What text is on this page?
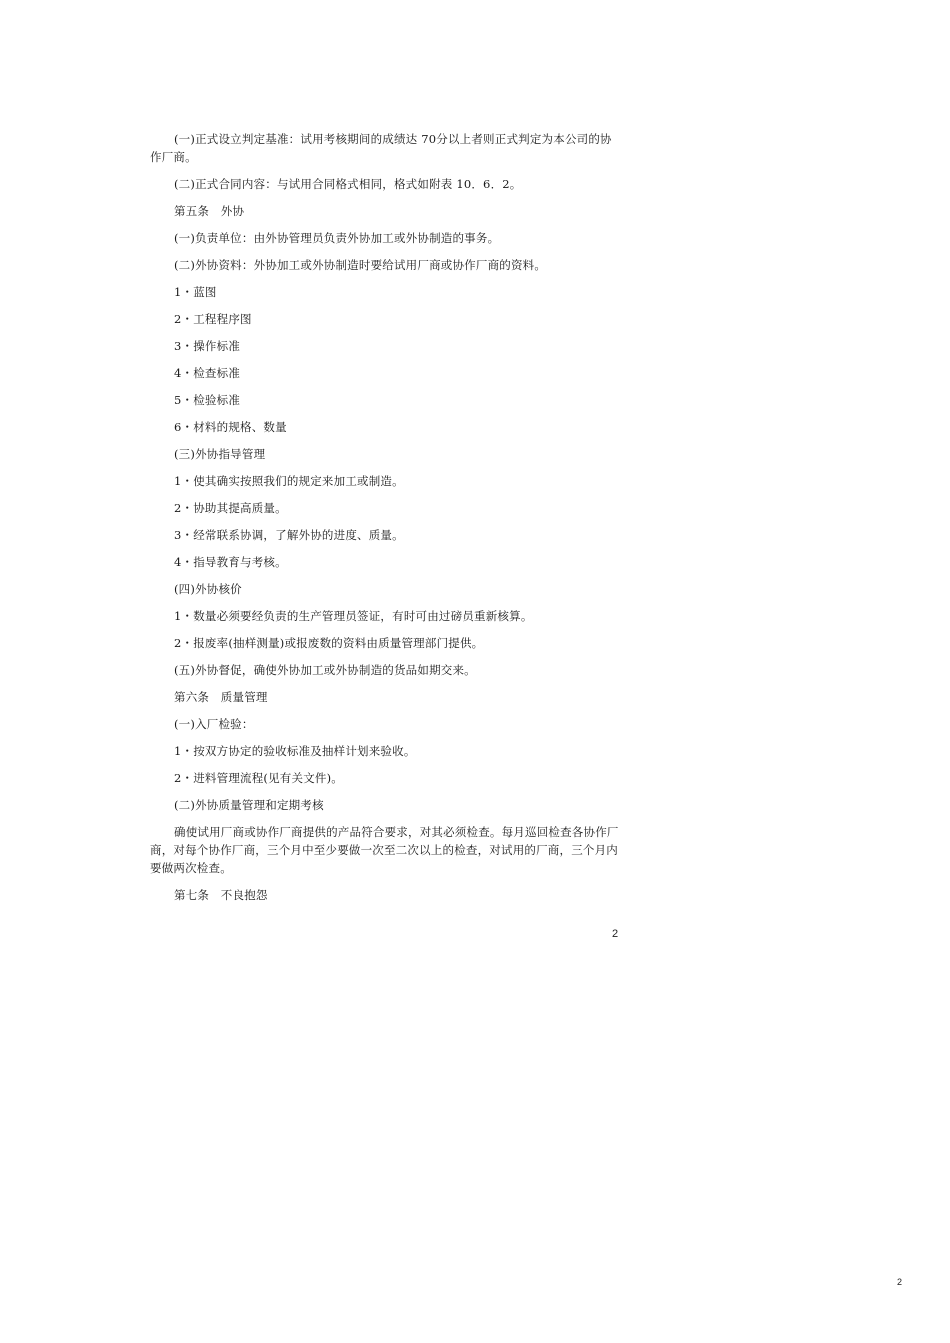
(一)正式设立判定基准：试用考核期间的成绩达 70分以上者则正式判定为本公司的协作厂商。

(二)正式合同内容：与试用合同格式相同，格式如附表 10．6．2。

第五条　外协

(一)负责单位：由外协管理员负责外协加工或外协制造的事务。

(二)外协资料：外协加工或外协制造时要给试用厂商或协作厂商的资料。

1・蓝图

2・工程程序图

3・操作标准

4・检查标准

5・检验标准

6・材料的规格、数量

(三)外协指导管理

1・使其确实按照我们的规定来加工或制造。

2・协助其提高质量。

3・经常联系协调，了解外协的进度、质量。

4・指导教育与考核。

(四)外协核价

1・数量必须要经负责的生产管理员签证，有时可由过磅员重新核算。

2・报废率(抽样测量)或报废数的资料由质量管理部门提供。

(五)外协督促，确使外协加工或外协制造的货品如期交来。

第六条　质量管理

(一)入厂检验：

1・按双方协定的验收标准及抽样计划来验收。

2・进料管理流程(见有关文件)。

(二)外协质量管理和定期考核

确使试用厂商或协作厂商提供的产品符合要求，对其必须检查。每月巡回检查各协作厂商，对每个协作厂商，三个月中至少要做一次至二次以上的检查，对试用的厂商，三个月内要做两次检查。

第七条　不良抱怨

2
2
